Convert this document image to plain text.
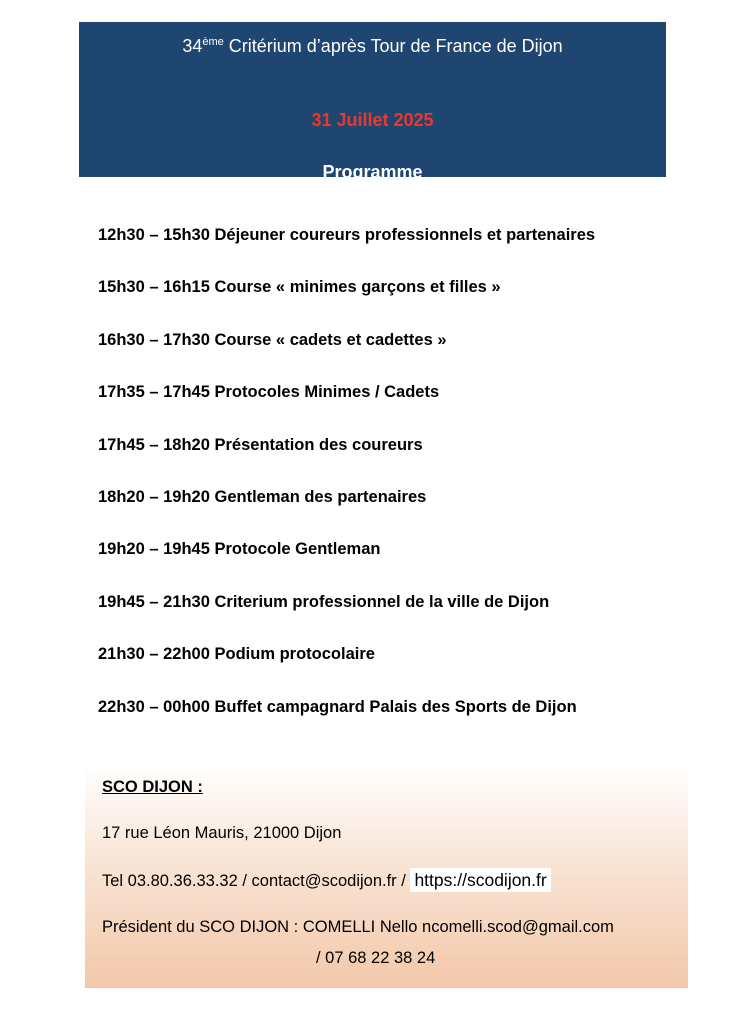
34ème Critérium d’après Tour de France de Dijon
31 Juillet 2025
Programme
12h30 – 15h30 Déjeuner coureurs professionnels et partenaires
15h30 – 16h15 Course « minimes garçons et filles »
16h30 – 17h30 Course « cadets et cadettes »
17h35 – 17h45 Protocoles Minimes / Cadets
17h45 – 18h20 Présentation des coureurs
18h20 – 19h20 Gentleman des partenaires
19h20 – 19h45 Protocole Gentleman
19h45 – 21h30 Criterium professionnel de la ville de Dijon
21h30 – 22h00 Podium protocolaire
22h30 – 00h00 Buffet campagnard Palais des Sports de Dijon
SCO DIJON :
17 rue Léon Mauris, 21000 Dijon
Tel 03.80.36.33.32 / contact@scodijon.fr / https://scodijon.fr
Président du SCO DIJON : COMELLI Nello ncomelli.scod@gmail.com
/ 07 68 22 38 24
